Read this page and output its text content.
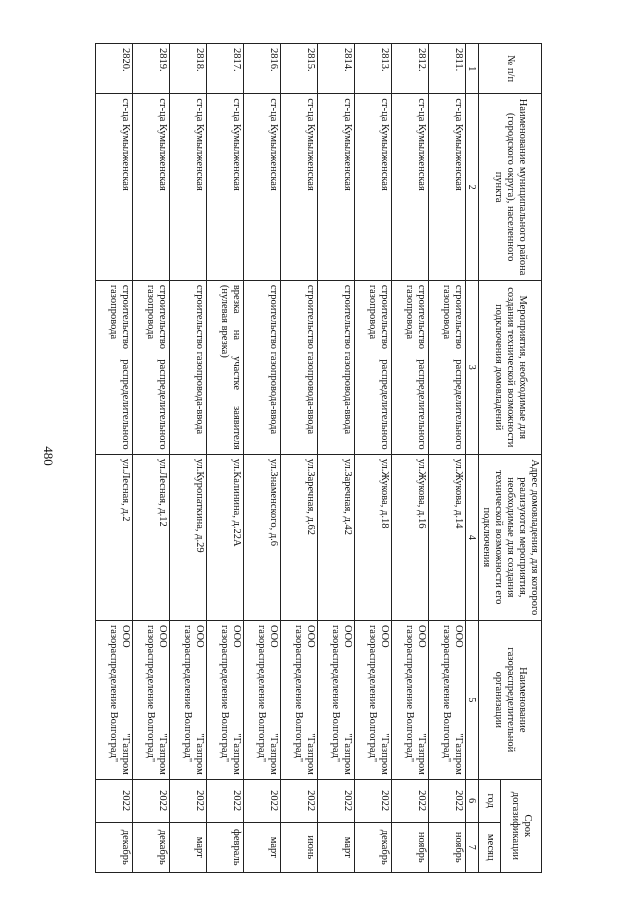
480
№ п/п	Наименование муниципального района (городского округа), населенного пункта	Мероприятия, необходимые для создания технической возможности подключения домовладений	Адрес домовладения, для которого реализуются мероприятия, необходимые для создания технической возможности его подключения	Наименование газораспределительной организации	Срок догазификации	
					год	месяц
1	2	3	4	5	6	7
2811.	ст-ца Кумылженская	строительство распределительного газопровода	ул.Жукова, д.14	ООО "Газпром газораспределение Волгоград"	2022	ноябрь
2812.	ст-ца Кумылженская	строительство распределительного газопровода	ул.Жукова, д.16	ООО "Газпром газораспределение Волгоград"	2022	ноябрь
2813.	ст-ца Кумылженская	строительство распределительного газопровода	ул.Жукова, д.18	ООО "Газпром газораспределение Волгоград"	2022	декабрь
2814.	ст-ца Кумылженская	строительство газопровода-ввода	ул.Заречная, д.42	ООО "Газпром газораспределение Волгоград"	2022	март
2815.	ст-ца Кумылженская	строительство газопровода-ввода	ул.Заречная, д.62	ООО "Газпром газораспределение Волгоград"	2022	июнь
2816.	ст-ца Кумылженская	строительство газопровода-ввода	ул.Знаменского, д.6	ООО "Газпром газораспределение Волгоград"	2022	март
2817.	ст-ца Кумылженская	врезка на участке заявителя (нулевая врезка)	ул.Калинина, д.22А	ООО "Газпром газораспределение Волгоград"	2022	февраль
2818.	ст-ца Кумылженская	строительство газопровода-ввода	ул.Куропаткина, д.29	ООО "Газпром газораспределение Волгоград"	2022	март
2819.	ст-ца Кумылженская	строительство распределительного газопровода	ул.Лесная, д.12	ООО "Газпром газораспределение Волгоград"	2022	декабрь
2820.	ст-ца Кумылженская	строительство распределительного газопровода	ул.Лесная, д.2	ООО "Газпром газораспределение Волгоград"	2022	декабрь
